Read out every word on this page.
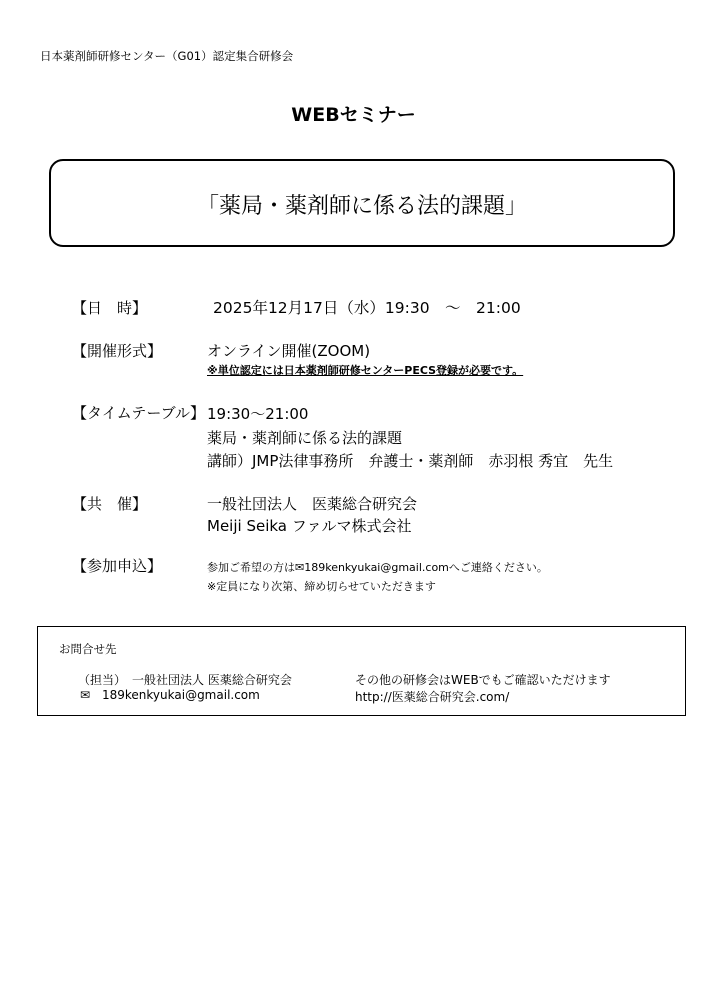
日本薬剤師研修センター（G01）認定集合研修会
WEBセミナー
「薬局・薬剤師に係る法的課題」
【日　時】	2025年12月17日（水）19:30　～　21:00
【開催形式】	オンライン開催(ZOOM)
※単位認定には日本薬剤師研修センターPECS登録が必要です。
【タイムテーブル】 19:30～21:00
薬局・薬剤師に係る法的課題
講師）JMP法律事務所　弁護士・薬剤師　赤羽根 秀宜　先生
【共　催】	一般社団法人　医薬総合研究会
Meiji Seika ファルマ株式会社
【参加申込】	参加ご希望の方は✉189kenkyukai@gmail.comへご連絡ください。
※定員になり次第、締め切らせていただきます
お問合せ先
（担当）　一般社団法人 医薬総合研究会
✉ 189kenkyukai@gmail.com
その他の研修会はWEBでもご確認いただけます
http://医薬総合研究会.com/
